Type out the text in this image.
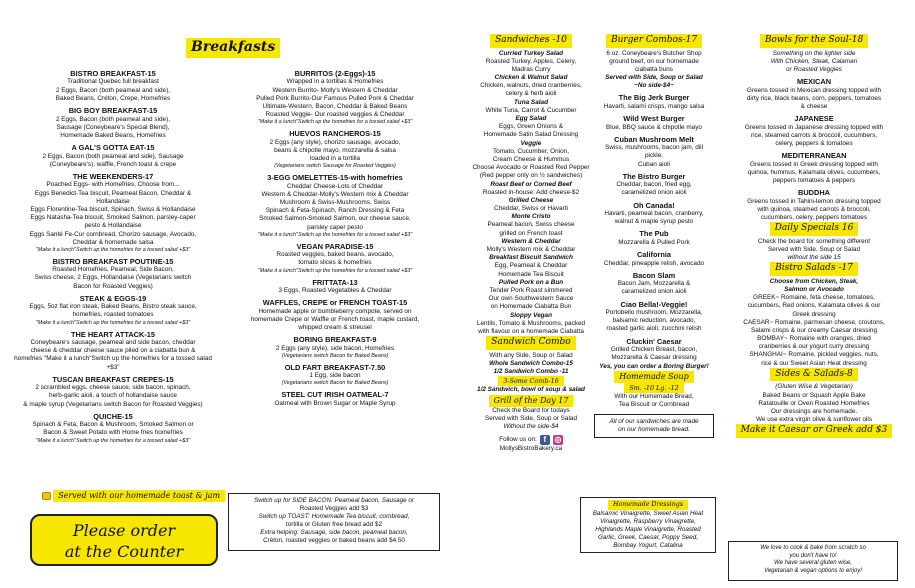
Breakfasts
BISTRO BREAKFAST-15
Traditional Quebec full breakfast
2 Eggs, Bacon (both peameal and side),
Baked Beans, Créton, Crepe, Homefries
BIG BOY BREAKFAST-15
2 Eggs, Bacon (both peameal and side),
Sausage (Coneybeare's Special Blend),
Homemade Baked Beans, Homefries
A GAL'S GOTTA EAT-15
2 Eggs, Bacon (both peameal and side), Sausage
(Coneybeare's), waffle, French toast & crepe
THE WEEKENDERS-17
Poached Eggs- with Homefries, Choose from...
Eggs Benedict-Tea biscuit, Peameal Bacon, Cheddar &
Hollandaise
Eggs Florentine-Tea biscuit, Spinach, Swiss & Hollandaise
Eggs Natasha-Tea biscuit, Smoked Salmon, parsley-caper
pesto & Hollandaise
Eggs Santé Fe-Cur cornbread, Chorizo sausage, Avocado,
Cheddar & homemade salsa
"Make it a lunch"Switch up the homefries for a tossed salad +$3"
BISTRO BREAKFAST POUTINE-15
Roasted Homefries, Peameal, Side Bacon,
Swiss cheese, 2 Eggs, Hollandaise (Vegetarians switch
Bacon for Roasted Veggies)
STEAK & EGGS-19
Eggs, 5oz flat iron steak, Baked Beans, Bistro steak sauce,
homefries, roasted tomatoes
"Make it a lunch"Switch up the homefries for a tossed salad +$3"
THE HEART ATTACK-15
Coneybeare's sausage, peameal and side bacon, cheddar
cheese & cheddar cheese sauce piled on a ciabatta bun &
homefries "Make it a lunch"Switch up the homefries for a tossed salad
+$3"
TUSCAN BREAKFAST CREPES-15
2 scrambled eggs, cheese sauce, side bacon, spinach,
herb-garlic aioli, a touch of hollandaise sauce
& maple syrup (Vegetarians switch Bacon for Roasted Veggies)
QUICHE-15
Spinach & Feta, Bacon & Mushroom, Smoked Salmon or
Bacon & Sweet Potato with Home fries homefries
"Make it a lunch"Switch up the homefries for a tossed salad +$3"
Served with our homemade toast & jam
Please order
at the Counter
BURRITOS (2-Eggs)-15
Wrapped in a tortillas & Homefries
Western Burrito- Molly's Western & Cheddar
Pulled Pork Burrito-Our Famous Pulled Pork & Cheddar
Ultimate-Western, Bacon, Cheddar & Baked Beans
Roasted Veggie- Our roasted veggies & Cheddar
"Make it a lunch"Switch up the homefries for a tossed salad +$3"
HUEVOS RANCHEROS-15
2 Eggs (any style), chorizo sausage, avocado,
beans & chipotle mayo, mozzarella & salsa
loaded in a tortilla
(Vegetarians switch Sausage for Roasted Veggies)
3-EGG OMELETTES-15-with homefries
Cheddar Cheese-Lots of Cheddar
Western & Cheddar-Molly's Western mix & Cheddar
Mushroom & Swiss-Mushrooms, Swiss
Spinach & Feta-Spinach, Ranch Dressing & Feta
Smoked Salmon-Smoked Salmon, our cheese sauce,
parsley caper pesto
"Make it a lunch"Switch up the homefries for a tossed salad +$3"
VEGAN PARADISE-15
Roasted veggies, baked beans, avocado,
tomato slices & homefries
"Make it a lunch"Switch up the homefries for a tossed salad +$3"
FRITTATA-13
3 Eggs, Roasted Vegetables & Cheddar
WAFFLES, CREPE or FRENCH TOAST-15
Homemade apple or bumbleberry compote, served on
homemade Crepe or Waffle or French toast, maple custard,
whipped cream & streusel
BORING BREAKFAST-9
2 Eggs (any style), side bacon, Homefries
(Vegetarians switch Bacon for Baked Beans)
OLD FART BREAKFAST-7.50
1 Egg, side bacon
(Vegetarians switch Bacon for Baked Beans)
STEEL CUT IRISH OATMEAL-7
Oatmeal with Brown Sugar or Maple Syrup
Switch up for SIDE BACON: Peameal bacon, Sausage or
Roasted Veggies add $3
Switch up TOAST: Homemade Tea biscuit, cornbread,
tortilla or Gluten free bread add $2
Extra helping: Sausage, side bacon, peameal bacon,
Créton, roasted veggies or baked beans add $4.50
Sandwiches -10
Curried Turkey Salad
Roasted Turkey, Apples, Celery,
Madras Curry
Chicken & Walnut Salad
Chicken, walnuts, dried cranberries,
celery & herb aioli
Tuna Salad
White Tuna, Carrot & Cucumber
Egg Salad
Eggs, Green Onions &
Homemade Satin Salad Dressing
Veggie
Tomato, Cucumber, Onion,
Cream Cheese & Hummus
Choose Avocado or Roasted Red Pepper
(Red pepper only on ½ sandwiches)
Roast Beef or Corned Beef
Roasted in-house: Add cheese-$2
Grilled Cheese
Cheddar, Swiss or Havarti
Monte Cristo
Peameal bacon, Swiss cheese
grilled on French toast
Western & Cheddar
Molly's Western mix & Cheddar
Breakfast Biscuit Sandwich
Egg, Peameal & Cheddar
Homemade Tea Biscuit
Pulled Pork on a Bun
Tender Pork Roast simmered
Our own Southwestern Sauce
on Homemade Ciabatta Bun
Sloppy Vegan
Lentils, Tomato & Mushrooms, packed
with flavour on a homemade Ciabatta
Sandwich Combo
With any Side, Soup or Salad
Whole Sandwich Combo-15
1/2 Sandwich Combo -11
3-Some Comb-16
1/2 Sandwich, bowl of soup & salad
Grill of the Day 17
Check the Board for todays
Served with Side, Soup or Salad
Without the side-$4
Follow us on: f	◎
MollysBistroBakery.ca
Burger Combos-17
6 oz. Coneybeare's Butcher Shop
ground beef, on our homemade
ciabatta buns
Served with Side, Soup or Salad
~No side-$4~
The Big Jerk Burger
Havarti, salami crisps, mango salsa
Wild West Burger
Blue, BBQ sauce & chipotle mayo
Cuban Mushroom Melt
Swiss, mushrooms, bacon jam, dill
pickle,
Cuban aioli
The Bistro Burger
Cheddar, bacon, fried egg,
caramelized onion aioli
Oh Canada!
Havarti, peameal bacon, cranberry,
walnut & maple syrup pesto
The Pub
Mozzarella & Pulled Pork
California
Cheddar, pineapple relish, avocado
Bacon Slam
Bacon Jam, Mozzarella &
caramelized onion aioli
Ciao Bella!-Veggie!
Portobello mushroom, Mozzarella,
balsamic reduction, avocado,
roasted garlic aioli, zucchini relish
Cluckin' Caesar
Grilled Chicken Breast, bacon,
Mozzarella & Caesar dressing
Yes, you can order a Boring Burger!
Homemade SoupSm. -10 Lg. -12
With our Homemade Bread,
Tea Biscuit or Cornbread
All of our sandwiches are made
on our homemade bread.
Homemade Dressings
Balsamic Vinaigrette, Sweet Asian Heat
Vinaigrette, Raspberry Vinaigrette,
Highlands Maple Vinaigrette, Roasted
Garlic, Greek, Caesar, Poppy Seed,
Bombay Yogurt, Catalina
Bowls for the Soul-18
Something on the lighter side
With Chicken, Steak, Calamari
or Roasted Veggies
MEXICAN
Greens tossed in Mexican dressing topped with
dirty rice, black beans, corn, peppers, tomatoes
& cheese
JAPANESE
Greens tossed in Japanese dressing topped with
rice, steamed carrots & broccoli, cucumbers,
celery, peppers & tomatoes
MEDITERRANEAN
Greens tossed in Greek dressing topped with
quinoa, hummus, Kalamata olives, cucumbers,
peppers tomatoes & peppers
BUDDHA
Greens tossed in Tahini-lemon dressing topped
with quinoa, steamed carrots & broccoli,
cucumbers, celery, peppers tomatoes
Daily Specials 16
Check the board for something different
Served with Side, Soup or Salad
without the side 15
Bistro Salads -17
Choose from Chicken, Steak,
Salmon or Avocado
GREEK~ Romaine, feta cheese, tomatoes,
cucumbers, Red onions, Kalamata olives & our
Greek dressing
CAESAR~ Romaine, parmesan cheese, croutons,
Salami crisps & our creamy Caesar dressing
BOMBAY~ Romaine with oranges, dried
cranberries & our yogurt curry dressing
SHANGHAI~ Romaine, pickled veggies, nuts,
rice & our Sweet Asian Heat dressing
Sides & Salads-8
(Gluten Wise & Vegetarian)
Baked Beans or Squash Apple Bake
Ratatouille or Oven Roasted Homefries
Our dressings are homemade.
We use extra virgin olive & sunflower oils
Make it Caesar or Greek add $3
We love to cook & bake from scratch so
you don't have to!
We have several gluten wise,
Vegetarian & vegan options to enjoy!
